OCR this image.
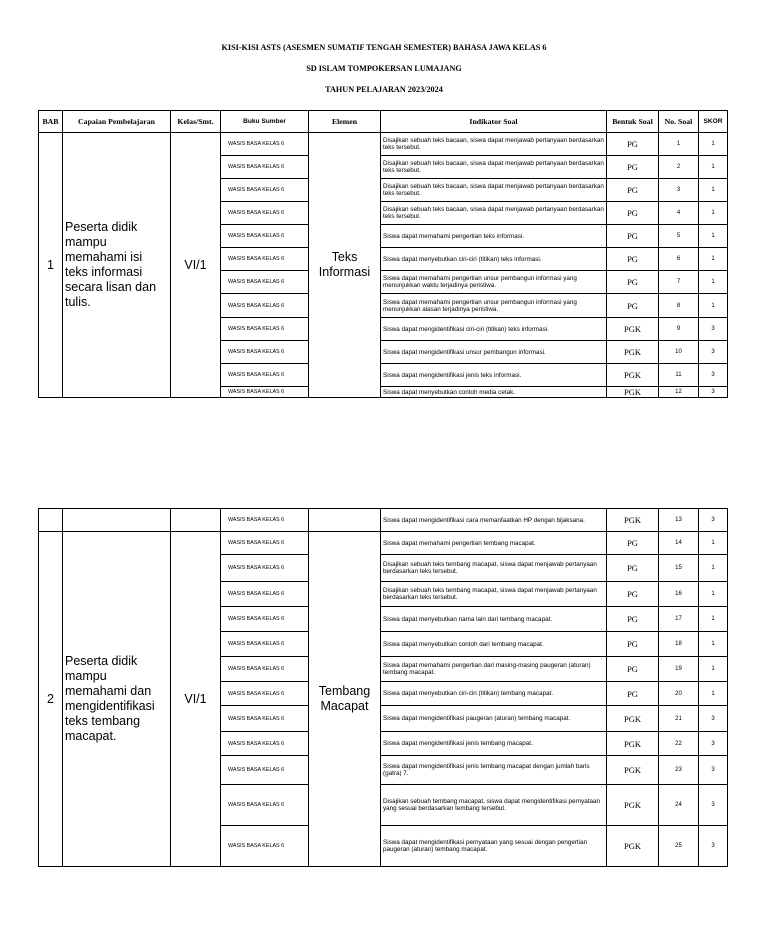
KISI-KISI ASTS (ASESMEN SUMATIF TENGAH SEMESTER) BAHASA JAWA KELAS 6
SD ISLAM TOMPOKERSAN LUMAJANG
TAHUN PELAJARAN 2023/2024
BAB	Capaian Pembelajaran	Kelas/Smt.	Buku Sumber	Elemen	Indikator Soal	Bentuk Soal	No. Soal	SKOR
1	Peserta didik mampu memahami isi teks informasi secara lisan dan tulis.	VI/1	WASIS BASA KELAS 6	Teks Informasi	Disajikan sebuah teks bacaan, siswa dapat menjawab pertanyaan berdasarkan teks tersebut.	PG	1	1
			WASIS BASA KELAS 6		Disajikan sebuah teks bacaan, siswa dapat menjawab pertanyaan berdasarkan teks tersebut.	PG	2	1
			WASIS BASA KELAS 6		Disajikan sebuah teks bacaan, siswa dapat menjawab pertanyaan berdasarkan teks tersebut.	PG	3	1
			WASIS BASA KELAS 6		Disajikan sebuah teks bacaan, siswa dapat menjawab pertanyaan berdasarkan teks tersebut.	PG	4	1
			WASIS BASA KELAS 6		Siswa dapat memahami pengertian teks informasi.	PG	5	1
			WASIS BASA KELAS 6		Siswa dapat menyebutkan ciri-ciri (titikan) teks informasi.	PG	6	1
			WASIS BASA KELAS 6		Siswa dapat memahami pengertian unsur pembangun informasi yang menunjukkan waktu terjadinya peristiwa.	PG	7	1
			WASIS BASA KELAS 6		Siswa dapat memahami pengertian unsur pembangun informasi yang menunjukkan alasan terjadinya peristiwa.	PG	8	1
			WASIS BASA KELAS 6		Siswa dapat mengidentifikasi ciri-ciri (titikan) teks informasi.	PGK	9	3
			WASIS BASA KELAS 6		Siswa dapat mengidentifikasi unsur pembangun informasi.	PGK	10	3
			WASIS BASA KELAS 6		Siswa dapat mengidentifikasi jenis teks informasi.	PGK	11	3
			WASIS BASA KELAS 6		Siswa dapat menyebutkan contoh media cetak.	PGK	12	3
			WASIS BASA KELAS 6		Siswa dapat mengidentifikasi cara memanfaatkan HP dengan bijaksana.	PGK	13	3
2	Peserta didik mampu memahami dan mengidentifikasi teks tembang macapat.	VI/1	WASIS BASA KELAS 6	Tembang Macapat	Siswa dapat memahami pengertian tembang macapat.	PG	14	1
			WASIS BASA KELAS 6		Disajikan sebuah teks tembang macapat, siswa dapat menjawab pertanyaan berdasarkan teks tersebut.	PG	15	1
			WASIS BASA KELAS 6		Disajikan sebuah teks tembang macapat, siswa dapat menjawab pertanyaan berdasarkan teks tersebut.	PG	16	1
			WASIS BASA KELAS 6		Siswa dapat menyebutkan nama lain dari tembang macapat.	PG	17	1
			WASIS BASA KELAS 6		Siswa dapat menyebutkan contoh dari tembang macapat.	PG	18	1
			WASIS BASA KELAS 6		Siswa dapat memahami pengertian dari masing-masing paugeran (aturan) tembang macapat.	PG	19	1
			WASIS BASA KELAS 6		Siswa dapat menyebutkan ciri-ciri (titikan) tembang macapat.	PG	20	1
			WASIS BASA KELAS 6		Siswa dapat mengidentifikasi paugeran (aturan) tembang macapat.	PGK	21	3
			WASIS BASA KELAS 6		Siswa dapat mengidentifikasi jenis tembang macapat.	PGK	22	3
			WASIS BASA KELAS 6		Siswa dapat mengidentifikasi jenis tembang macapat dengan jumlah baris (gatra) 7.	PGK	23	3
			WASIS BASA KELAS 6		Disajikan sebuah tembang macapat, siswa dapat mengidentifikasi pernyataan yang sesuai berdasarkan tembang tersebut.	PGK	24	3
			WASIS BASA KELAS 6		Siswa dapat mengidentifikasi pernyataan yang sesuai dengan pengertian paugeran (aturan) tembang macapat.	PGK	25	3
